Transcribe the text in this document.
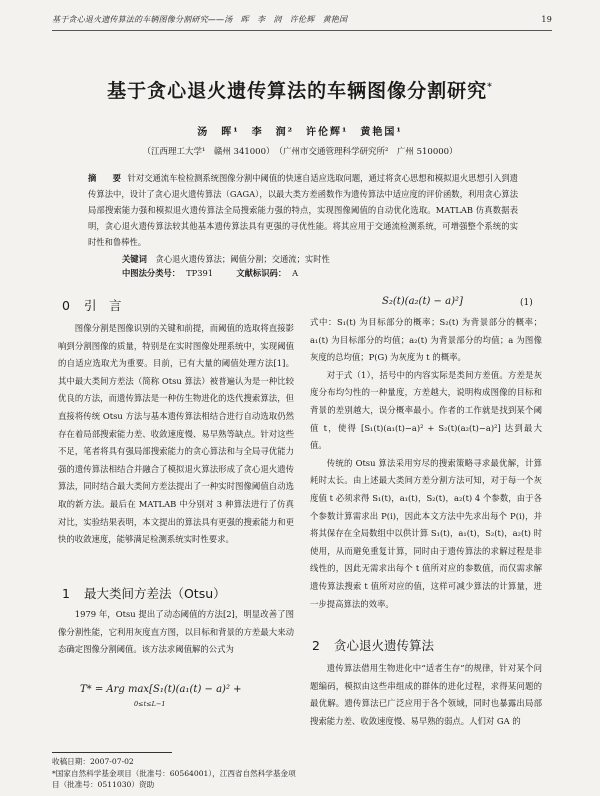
基于贪心退火遗传算法的车辆图像分割研究——汤　晖　李　润　许伦辉　黄艳国	19
基于贪心退火遗传算法的车辆图像分割研究*
汤　晖¹　李　润²　许伦辉¹　黄艳国¹
（江西理工大学¹　赣州 341000）　（广州市交通管理科学研究所²　广州 510000）
摘　要 针对交通流车检检测系统图像分割中阈值的快速自适应选取问题，通过将贪心思想和模拟退火思想引入到遗传算法中，设计了贪心退火遗传算法（GAGA），以最大类方差函数作为遗传算法中适应度的评价函数，利用贪心算法局部搜索能力强和模拟退火遗传算法全局搜索能力强的特点，实现图像阈值的自动优化选取。MATLAB 仿真数据表明，贪心退火遗传算法较其他基本遗传算法具有更强的寻优性能。将其应用于交通流检测系统，可增强整个系统的实时性和鲁棒性。
关键词 贪心退火遗传算法；阈值分割；交通流；实时性
中图法分类号： TP391	文献标识码： A
0 引　言

图像分割是图像识别的关键和前提，而阈值的选取将直接影响到分割图像的质量，特别是在实时图像处理系统中，实现阈值的自适应选取尤为重要。目前，已有大量的阈值处理方法[1]。其中最大类间方差法（简称 Otsu 算法）被普遍认为是一种比较优良的方法，而遗传算法是一种仿生物进化的迭代搜索算法，但直接将传统 Otsu 方法与基本遗传算法相结合进行自动选取仍然存在着局部搜索能力差、收敛速度慢、易早熟等缺点。针对这些不足，笔者将具有强局部搜索能力的贪心算法和与全局寻优能力强的遗传算法相结合并融合了模拟退火算法形成了贪心退火遗传算法，同时结合最大类间方差法提出了一种实时图像阈值自动选取的新方法。最后在 MATLAB 中分别对 3 种算法进行了仿真对比，实验结果表明，本文提出的算法具有更强的搜索能力和更快的收敛速度，能够满足检测系统实时性要求。

1 最大类间方差法（Otsu）

1979 年，Otsu 提出了动态阈值的方法[2]，明显改善了图像分割性能，它利用灰度直方图，以目标和背景的方差最大来动态确定图像分割阈值。该方法求阈值解的公式为

T* = Arg max[S₁(t)(a₁(t) − a)² +
0≤t≤L−1
收稿日期：2007-07-02
*国家自然科学基金项目（批准号：60564001），江西省自然科学基金项目（批准号：0511030）资助
S₂(t)(a₂(t) − a)²]	(1)

式中：S₁(t) 为目标部分的概率；S₂(t) 为背景部分的概率；a₁(t) 为目标部分的均值；a₂(t) 为背景部分的均值；a 为图像灰度的总均值；P(G) 为灰度为 t 的概率。

对于式（1），括号中的内容实际是类间方差值。方差是灰度分布均匀性的一种量度，方差越大，说明构成图像的目标和背景的差别越大，误分概率最小。作者的工作就是找到某个阈值 t，使得 [S₁(t)(a₁(t)−a)² + S₂(t)(a₂(t)−a)²] 达到最大值。

传统的 Otsu 算法采用穷尽的搜索策略寻求最优解，计算耗时太长。由上述最大类间方差分割方法可知，对于每一个灰度值 t 必须求得 S₁(t)，a₁(t)，S₂(t)，a₂(t) 4 个参数，由于各个参数计算需求出 P(i)，因此本文方法中先求出每个 P(i)，并将其保存在全局数组中以供计算 S₁(t)，a₁(t)，S₂(t)，a₂(t) 时使用，从而避免重复计算，同时由于遗传算法的求解过程是非线性的，因此无需求出每个 t 值所对应的参数值，而仅需求解遗传算法搜索 t 值所对应的值，这样可减少算法的计算量，进一步提高算法的效率。

2 贪心退火遗传算法

遗传算法借用生物进化中“适者生存”的规律，针对某个问题编码，模拟由这些串组成的群体的进化过程，求得某问题的最优解。遗传算法已广泛应用于各个领域，同时也暴露出局部搜索能力差、收敛速度慢、易早熟的弱点。人们对 GA 的
